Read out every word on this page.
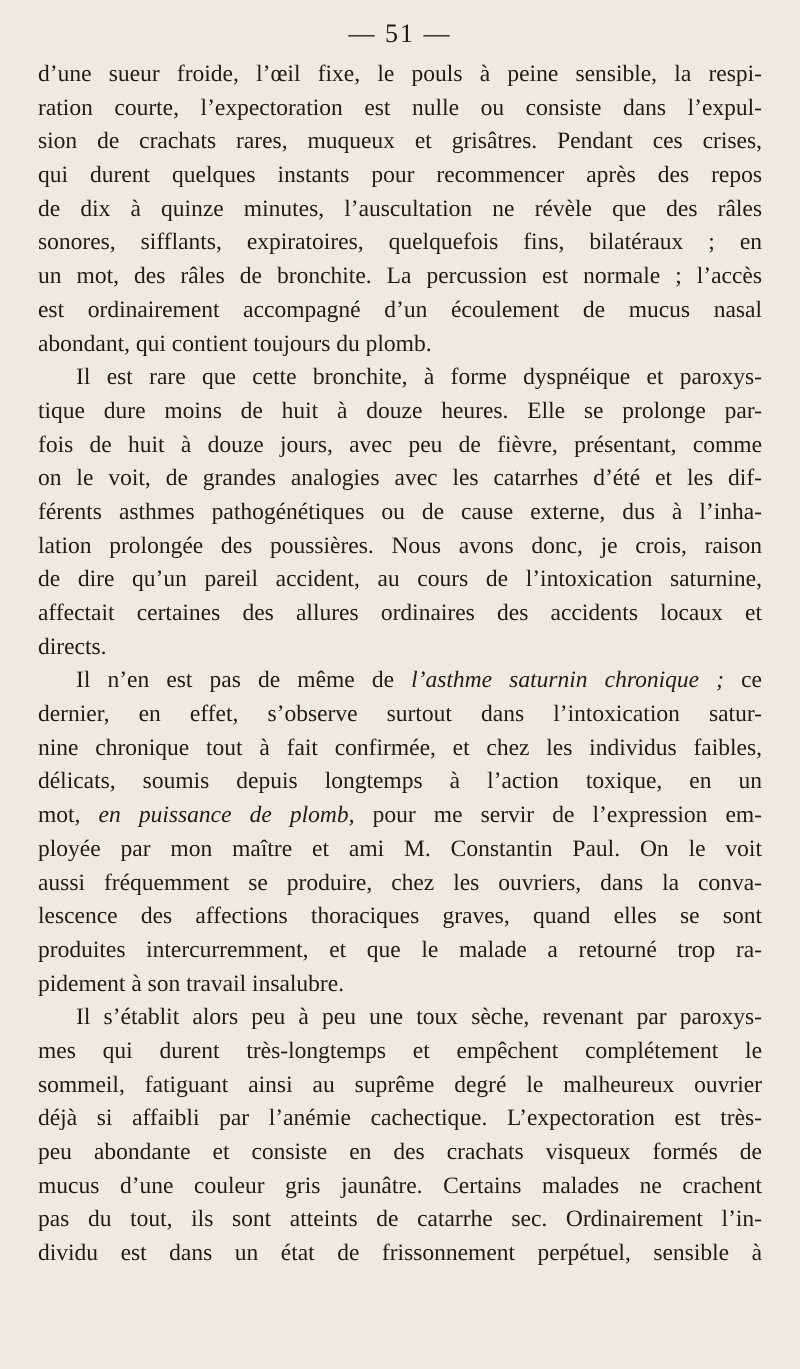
— 51 —
d’une sueur froide, l’œil fixe, le pouls à peine sensible, la respi-
ration courte, l’expectoration est nulle ou consiste dans l’expul-
sion de crachats rares, muqueux et grisâtres. Pendant ces crises,
qui durent quelques instants pour recommencer après des repos
de dix à quinze minutes, l’auscultation ne révèle que des râles
sonores, sifflants, expiratoires, quelquefois fins, bilatéraux ; en
un mot, des râles de bronchite. La percussion est normale ; l’accès
est ordinairement accompagné d’un écoulement de mucus nasal
abondant, qui contient toujours du plomb.
Il est rare que cette bronchite, à forme dyspnéique et paroxys-
tique dure moins de huit à douze heures. Elle se prolonge par-
fois de huit à douze jours, avec peu de fièvre, présentant, comme
on le voit, de grandes analogies avec les catarrhes d’été et les dif-
férents asthmes pathogénétiques ou de cause externe, dus à l’inha-
lation prolongée des poussières. Nous avons donc, je crois, raison
de dire qu’un pareil accident, au cours de l’intoxication saturnine,
affectait certaines des allures ordinaires des accidents locaux et
directs.
Il n’en est pas de même de l’asthme saturnin chronique ; ce
dernier, en effet, s’observe surtout dans l’intoxication satur-
nine chronique tout à fait confirmée, et chez les individus faibles,
délicats, soumis depuis longtemps à l’action toxique, en un
mot, en puissance de plomb, pour me servir de l’expression em-
ployée par mon maître et ami M. Constantin Paul. On le voit
aussi fréquemment se produire, chez les ouvriers, dans la conva-
lescence des affections thoraciques graves, quand elles se sont
produites intercurremment, et que le malade a retourné trop ra-
pidement à son travail insalubre.
Il s’établit alors peu à peu une toux sèche, revenant par paroxys-
mes qui durent très-longtemps et empêchent complétement le
sommeil, fatiguant ainsi au suprême degré le malheureux ouvrier
déjà si affaibli par l’anémie cachectique. L’expectoration est très-
peu abondante et consiste en des crachats visqueux formés de
mucus d’une couleur gris jaunâtre. Certains malades ne crachent
pas du tout, ils sont atteints de catarrhe sec. Ordinairement l’in-
dividu est dans un état de frissonnement perpétuel, sensible à
